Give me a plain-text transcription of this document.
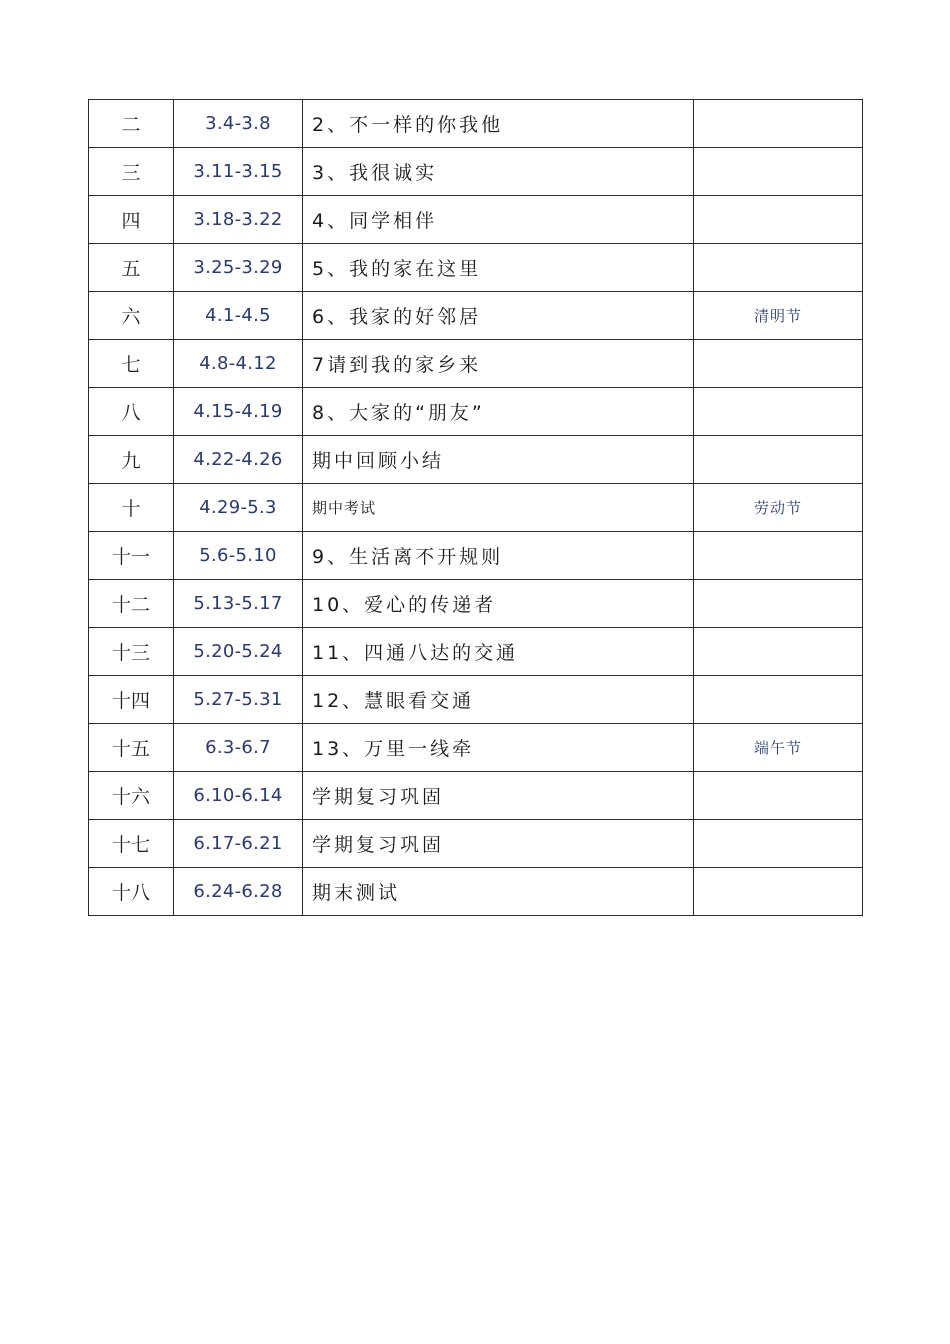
二	3.4-3.8	2、不一样的你我他	
三	3.11-3.15	3、我很诚实	
四	3.18-3.22	4、同学相伴	
五	3.25-3.29	5、我的家在这里	
六	4.1-4.5	6、我家的好邻居	清明节
七	4.8-4.12	7请到我的家乡来	
八	4.15-4.19	8、大家的“朋友”	
九	4.22-4.26	期中回顾小结	
十	4.29-5.3	期中考试	劳动节
十一	5.6-5.10	9、生活离不开规则	
十二	5.13-5.17	10、爱心的传递者	
十三	5.20-5.24	11、四通八达的交通	
十四	5.27-5.31	12、慧眼看交通	
十五	6.3-6.7	13、万里一线牵	端午节
十六	6.10-6.14	学期复习巩固	
十七	6.17-6.21	学期复习巩固	
十八	6.24-6.28	期末测试	
